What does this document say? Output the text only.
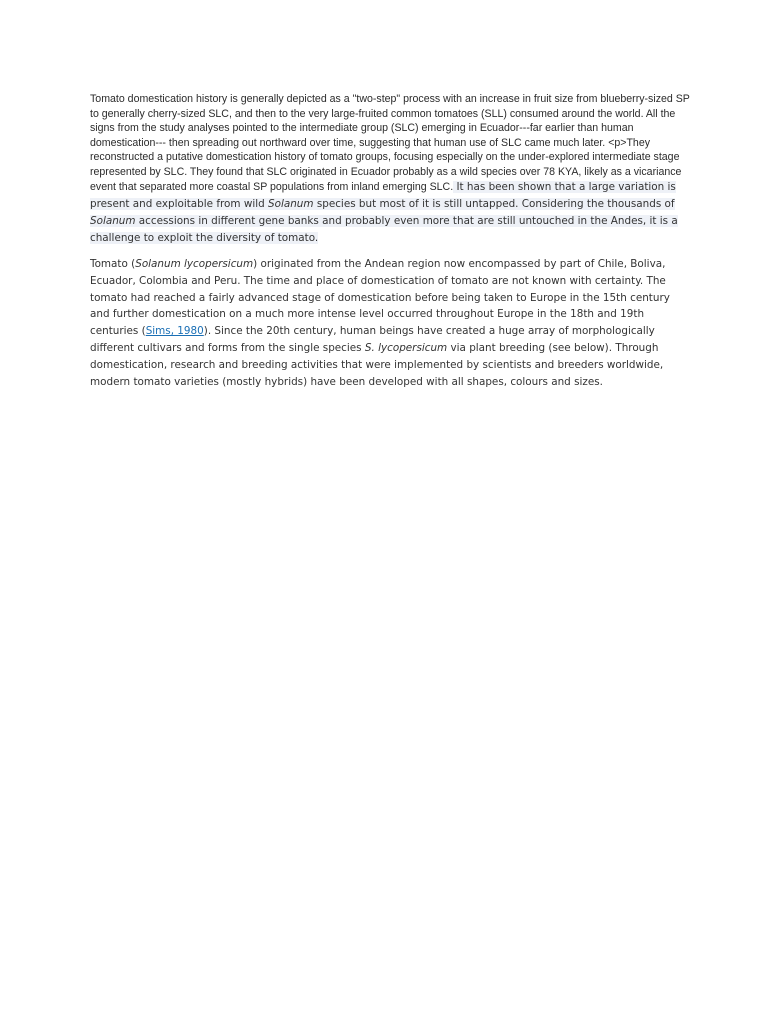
Tomato domestication history is generally depicted as a "two-step" process with an increase in fruit size from blueberry-sized SP to generally cherry-sized SLC, and then to the very large-fruited common tomatoes (SLL) consumed around the world. All the signs from the study analyses pointed to the intermediate group (SLC) emerging in Ecuador---far earlier than human domestication--- then spreading out northward over time, suggesting that human use of SLC came much later. <p>They reconstructed a putative domestication history of tomato groups, focusing especially on the under-explored intermediate stage represented by SLC. They found that SLC originated in Ecuador probably as a wild species over 78 KYA, likely as a vicariance event that separated more coastal SP populations from inland emerging SLC. It has been shown that a large variation is present and exploitable from wild Solanum species but most of it is still untapped. Considering the thousands of Solanum accessions in different gene banks and probably even more that are still untouched in the Andes, it is a challenge to exploit the diversity of tomato.

Tomato (Solanum lycopersicum) originated from the Andean region now encompassed by part of Chile, Boliva, Ecuador, Colombia and Peru. The time and place of domestication of tomato are not known with certainty. The tomato had reached a fairly advanced stage of domestication before being taken to Europe in the 15th century and further domestication on a much more intense level occurred throughout Europe in the 18th and 19th centuries (Sims, 1980). Since the 20th century, human beings have created a huge array of morphologically different cultivars and forms from the single species S. lycopersicum via plant breeding (see below). Through domestication, research and breeding activities that were implemented by scientists and breeders worldwide, modern tomato varieties (mostly hybrids) have been developed with all shapes, colours and sizes.
